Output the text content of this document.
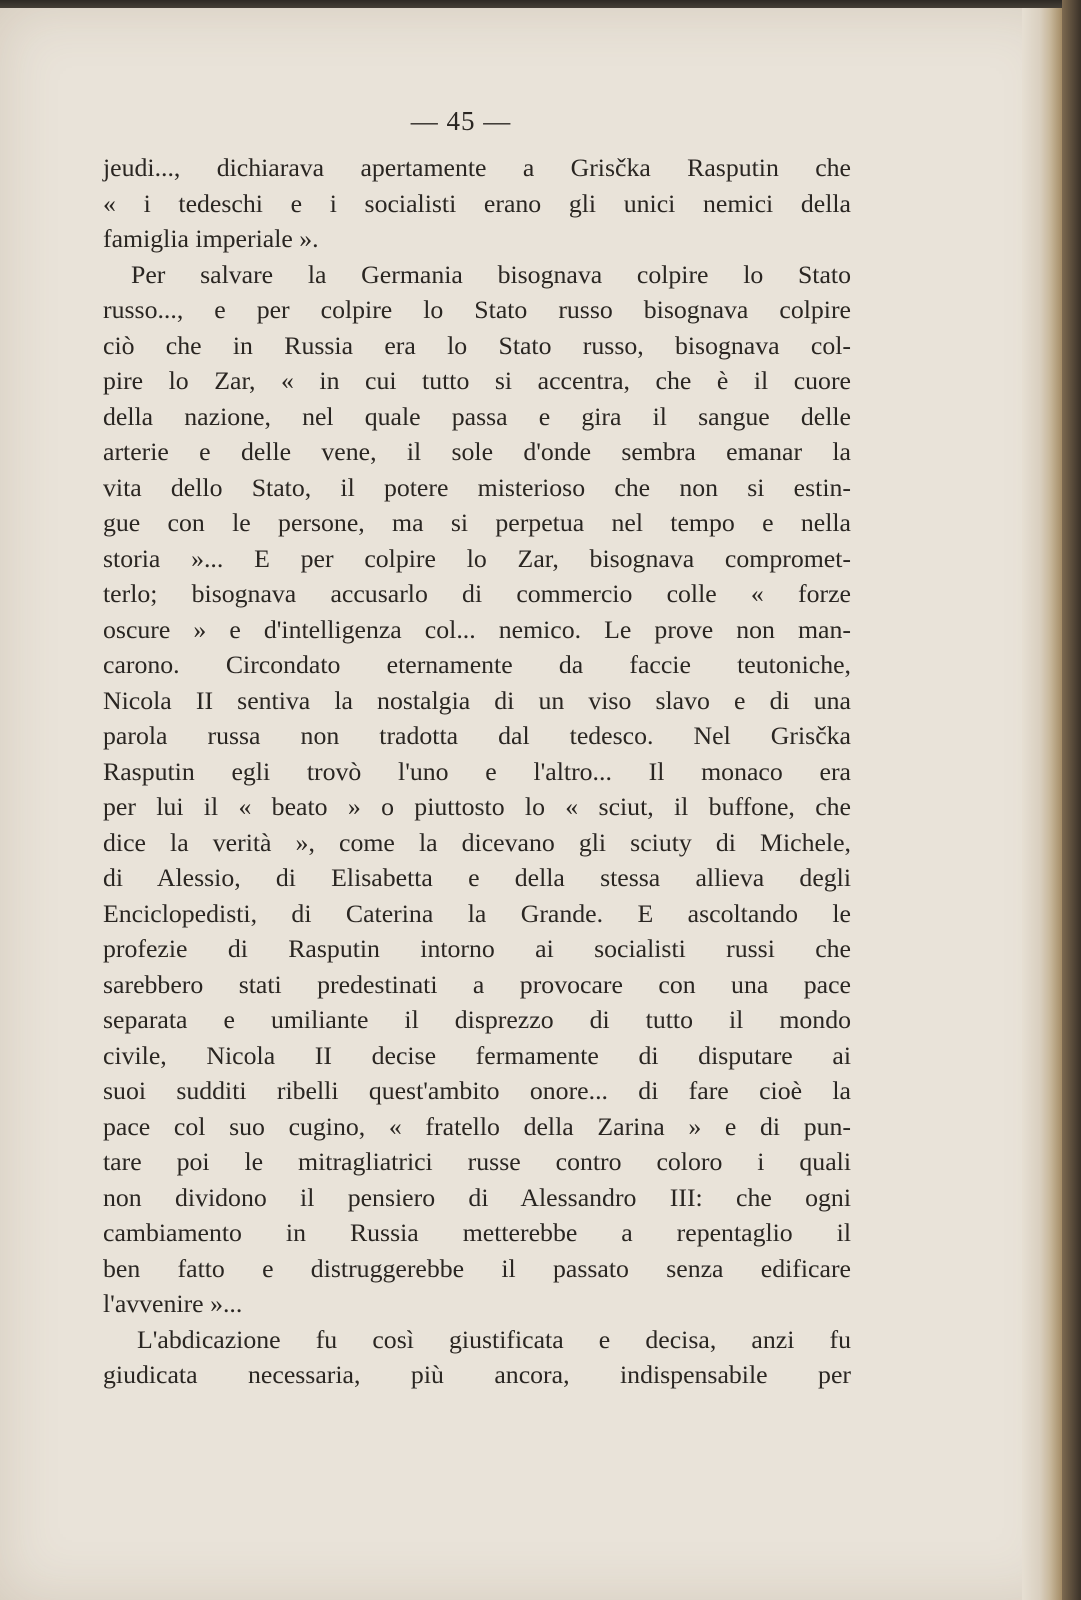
— 45 —
jeudi..., dichiarava apertamente a Grisčka Rasputin che
« i tedeschi e i socialisti erano gli unici nemici della
famiglia imperiale ».
Per salvare la Germania bisognava colpire lo Stato
russo..., e per colpire lo Stato russo bisognava colpire
ciò che in Russia era lo Stato russo, bisognava col-
pire lo Zar, « in cui tutto si accentra, che è il cuore
della nazione, nel quale passa e gira il sangue delle
arterie e delle vene, il sole d'onde sembra emanar la
vita dello Stato, il potere misterioso che non si estin-
gue con le persone, ma si perpetua nel tempo e nella
storia »... E per colpire lo Zar, bisognava compromet-
terlo; bisognava accusarlo di commercio colle « forze
oscure » e d'intelligenza col... nemico. Le prove non man-
carono. Circondato eternamente da faccie teutoniche,
Nicola II sentiva la nostalgia di un viso slavo e di una
parola russa non tradotta dal tedesco. Nel Grisčka
Rasputin egli trovò l'uno e l'altro... Il monaco era
per lui il « beato » o piuttosto lo « sciut, il buffone, che
dice la verità », come la dicevano gli sciuty di Michele,
di Alessio, di Elisabetta e della stessa allieva degli
Enciclopedisti, di Caterina la Grande. E ascoltando le
profezie di Rasputin intorno ai socialisti russi che
sarebbero stati predestinati a provocare con una pace
separata e umiliante il disprezzo di tutto il mondo
civile, Nicola II decise fermamente di disputare ai
suoi sudditi ribelli quest'ambito onore... di fare cioè la
pace col suo cugino, « fratello della Zarina » e di pun-
tare poi le mitragliatrici russe contro coloro i quali
non dividono il pensiero di Alessandro III: che ogni
cambiamento in Russia metterebbe a repentaglio il
ben fatto e distruggerebbe il passato senza edificare
l'avvenire »...
L'abdicazione fu così giustificata e decisa, anzi fu
giudicata necessaria, più ancora, indispensabile per
